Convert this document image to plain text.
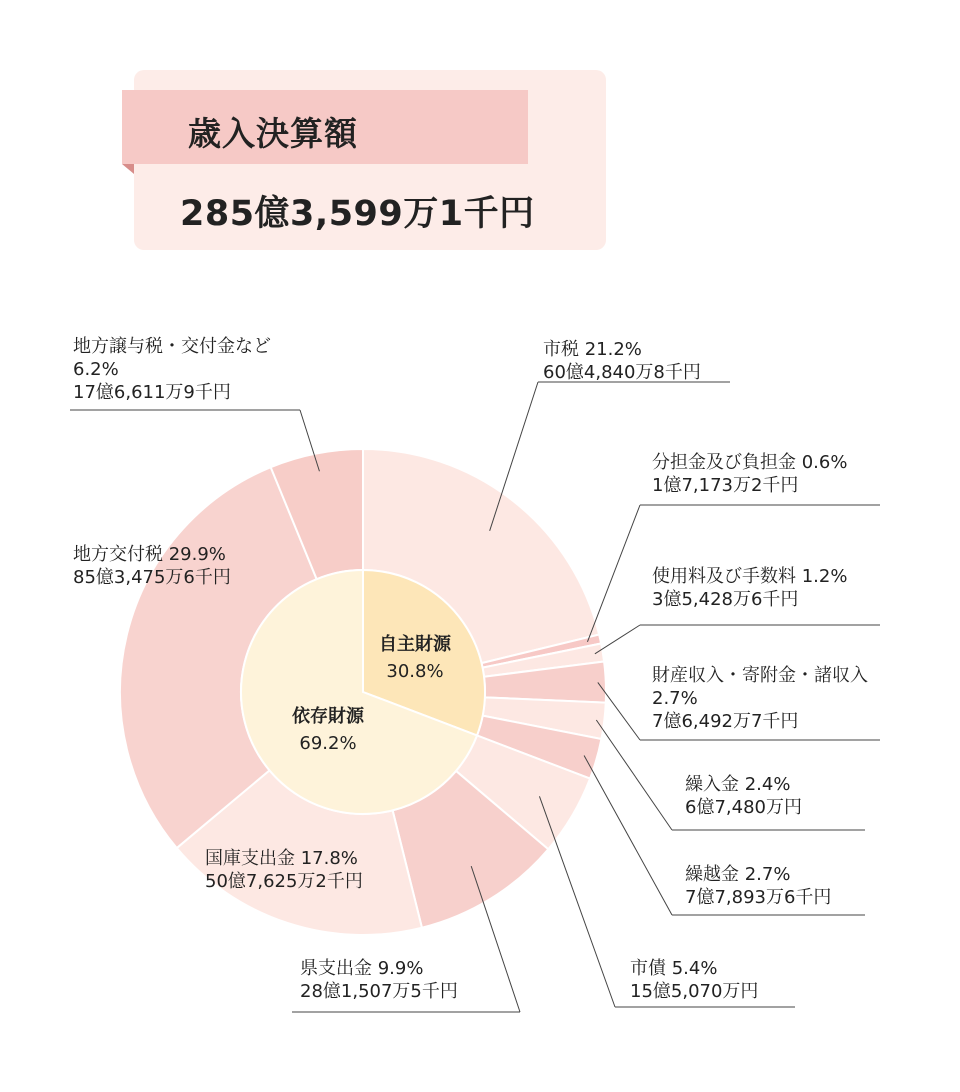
歳入決算額
285億3,599万1千円
自主財源
30.8%
依存財源
69.2%
市税 21.2%
60億4,840万8千円
分担金及び負担金 0.6%
1億7,173万2千円
使用料及び手数料 1.2%
3億5,428万6千円
財産収入・寄附金・諸収入
2.7%
7億6,492万7千円
繰入金 2.4%
6億7,480万円
繰越金 2.7%
7億7,893万6千円
市債 5.4%
15億5,070万円
県支出金 9.9%
28億1,507万5千円
国庫支出金 17.8%
50億7,625万2千円
地方交付税 29.9%
85億3,475万6千円
地方譲与税・交付金など
6.2%
17億6,611万9千円
